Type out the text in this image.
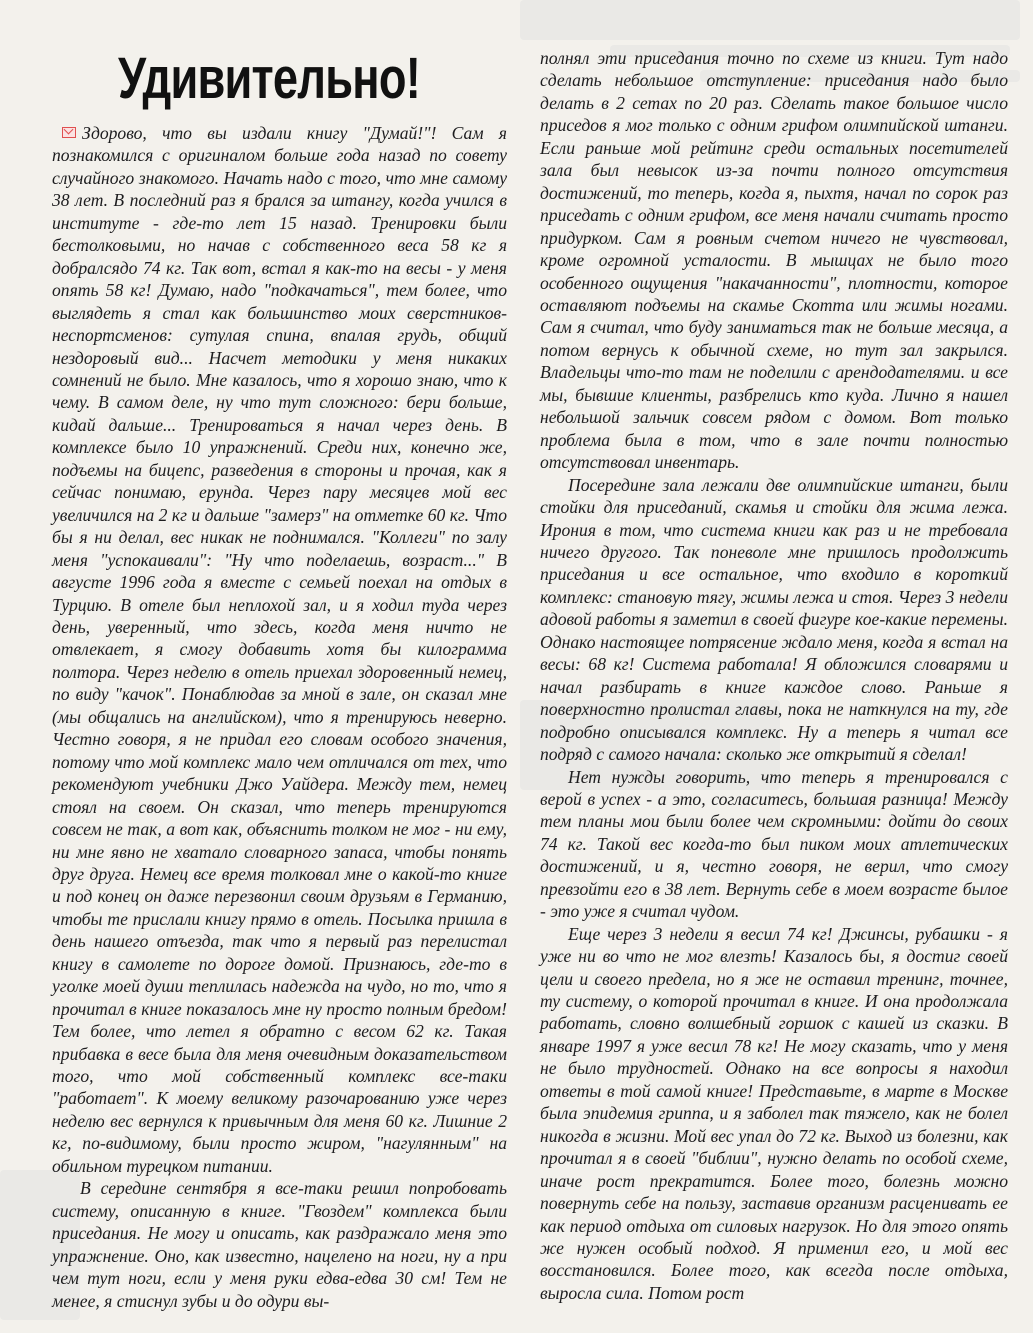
Удивительно!

Здорово, что вы издали книгу "Думай!"! Сам я познакомился с оригиналом больше года назад по совету случайного знакомого. Начать надо с того, что мне самому 38 лет. В последний раз я брался за штангу, когда учился в институте - где-то лет 15 назад. Тренировки были бестолковыми, но начав с собственного веса 58 кг я добралсядо 74 кг. Так вот, встал я как-то на весы - у меня опять 58 кг! Думаю, надо "подкачаться", тем более, что выглядеть я стал как большинство моих сверстников-неспортсменов: сутулая спина, впалая грудь, общий нездоровый вид... Насчет методики у меня никаких сомнений не было. Мне казалось, что я хорошо знаю, что к чему. В самом деле, ну что тут сложного: бери больше, кидай дальше... Тренироваться я начал через день. В комплексе было 10 упражнений. Среди них, конечно же, подъемы на бицепс, разведения в стороны и прочая, как я сейчас понимаю, ерунда. Через пару месяцев мой вес увеличился на 2 кг и дальше "замерз" на отметке 60 кг. Что бы я ни делал, вес никак не поднимался. "Коллеги" по залу меня "успокаивали": "Ну что поделаешь, возраст..." В августе 1996 года я вместе с семьей поехал на отдых в Турцию. В отеле был неплохой зал, и я ходил туда через день, уверенный, что здесь, когда меня ничто не отвлекает, я смогу добавить хотя бы килограмма полтора. Через неделю в отель приехал здоровенный немец, по виду "качок". Понаблюдав за мной в зале, он сказал мне (мы общались на английском), что я тренируюсь неверно. Честно говоря, я не придал его словам особого значения, потому что мой комплекс мало чем отличался от тех, что рекомендуют учебники Джо Уайдера. Между тем, немец стоял на своем. Он сказал, что теперь тренируются совсем не так, а вот как, объяснить толком не мог - ни ему, ни мне явно не хватало словарного запаса, чтобы понять друг друга. Немец все время толковал мне о какой-то книге и под конец он даже перезвонил своим друзьям в Германию, чтобы те прислали книгу прямо в отель. Посылка пришла в день нашего отъезда, так что я первый раз перелистал книгу в самолете по дороге домой. Признаюсь, где-то в уголке моей души теплилась надежда на чудо, но то, что я прочитал в книге показалось мне ну просто полным бредом! Тем более, что летел я обратно с весом 62 кг. Такая прибавка в весе была для меня очевидным доказательством того, что мой собственный комплекс все-таки "работает". К моему великому разочарованию уже через неделю вес вернулся к привычным для меня 60 кг. Лишние 2 кг, по-видимому, были просто жиром, "нагулянным" на обильном турецком питании.

В середине сентября я все-таки решил попробовать систему, описанную в книге. "Гвоздем" комплекса были приседания. Не могу и описать, как раздражало меня это упражнение. Оно, как известно, нацелено на ноги, ну а при чем тут ноги, если у меня руки едва-едва 30 см! Тем не менее, я стиснул зубы и до одури вы-

полнял эти приседания точно по схеме из книги. Тут надо сделать небольшое отступление: приседания надо было делать в 2 сетах по 20 раз. Сделать такое большое число приседов я мог только с одним грифом олимпийской штанги. Если раньше мой рейтинг среди остальных посетителей зала был невысок из-за почти полного отсутствия достижений, то теперь, когда я, пыхтя, начал по сорок раз приседать с одним грифом, все меня начали считать просто придурком. Сам я ровным счетом ничего не чувствовал, кроме огромной усталости. В мышцах не было того особенного ощущения "накачанности", плотности, которое оставляют подъемы на скамье Скотта или жимы ногами. Сам я считал, что буду заниматься так не больше месяца, а потом вернусь к обычной схеме, но тут зал закрылся. Владельцы что-то там не поделили с арендодателями. и все мы, бывшие клиенты, разбрелись кто куда. Лично я нашел небольшой зальчик совсем рядом с домом. Вот только проблема была в том, что в зале почти полностью отсутствовал инвентарь.

Посередине зала лежали две олимпийские штанги, были стойки для приседаний, скамья и стойки для жима лежа. Ирония в том, что система книги как раз и не требовала ничего другого. Так поневоле мне пришлось продолжить приседания и все остальное, что входило в короткий комплекс: становую тягу, жимы лежа и стоя. Через 3 недели адовой работы я заметил в своей фигуре кое-какие перемены. Однако настоящее потрясение ждало меня, когда я встал на весы: 68 кг! Система работала! Я обложился словарями и начал разбирать в книге каждое слово. Раньше я поверхностно пролистал главы, пока не наткнулся на ту, где подробно описывался комплекс. Ну а теперь я читал все подряд с самого начала: сколько же открытий я сделал!

Нет нужды говорить, что теперь я тренировался с верой в успех - а это, согласитесь, большая разница! Между тем планы мои были более чем скромными: дойти до своих 74 кг. Такой вес когда-то был пиком моих атлетических достижений, и я, честно говоря, не верил, что смогу превзойти его в 38 лет. Вернуть себе в моем возрасте былое - это уже я считал чудом.

Еще через 3 недели я весил 74 кг! Джинсы, рубашки - я уже ни во что не мог влезть! Казалось бы, я достиг своей цели и своего предела, но я же не оставил тренинг, точнее, ту систему, о которой прочитал в книге. И она продолжала работать, словно волшебный горшок с кашей из сказки. В январе 1997 я уже весил 78 кг! Не могу сказать, что у меня не было трудностей. Однако на все вопросы я находил ответы в той самой книге! Представьте, в марте в Москве была эпидемия гриппа, и я заболел так тяжело, как не болел никогда в жизни. Мой вес упал до 72 кг. Выход из болезни, как прочитал я в своей "библии", нужно делать по особой схеме, иначе рост прекратится. Более того, болезнь можно повернуть себе на пользу, заставив организм расценивать ее как период отдыха от силовых нагрузок. Но для этого опять же нужен особый подход. Я применил его, и мой вес восстановился. Более того, как всегда после отдыха, выросла сила. Потом рост
